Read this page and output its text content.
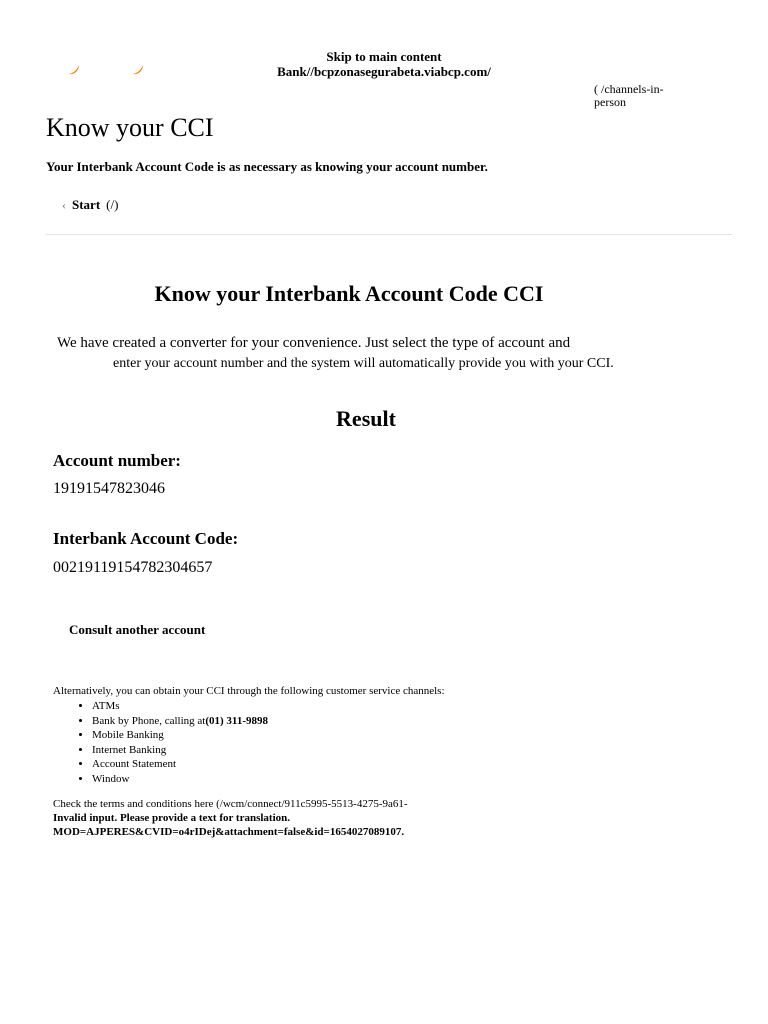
Skip to main content
Bank//bcpzonasegurabeta.viabcp.com/
( /channels-in-person
Know your CCI
Your Interbank Account Code is as necessary as knowing your account number.
‹ Start (/)
Know your Interbank Account Code CCI
We have created a converter for your convenience. Just select the type of account and
enter your account number and the system will automatically provide you with your CCI.
Result
Account number:
19191547823046
Interbank Account Code:
00219119154782304657
Consult another account
Alternatively, you can obtain your CCI through the following customer service channels:
• ATMs
• Bank by Phone, calling at(01) 311-9898
• Mobile Banking
• Internet Banking
• Account Statement
• Window
Check the terms and conditions here (/wcm/connect/911c5995-5513-4275-9a61-
Invalid input. Please provide a text for translation.
MOD=AJPERES&CVID=o4rIDej&attachment=false&id=1654027089107.
